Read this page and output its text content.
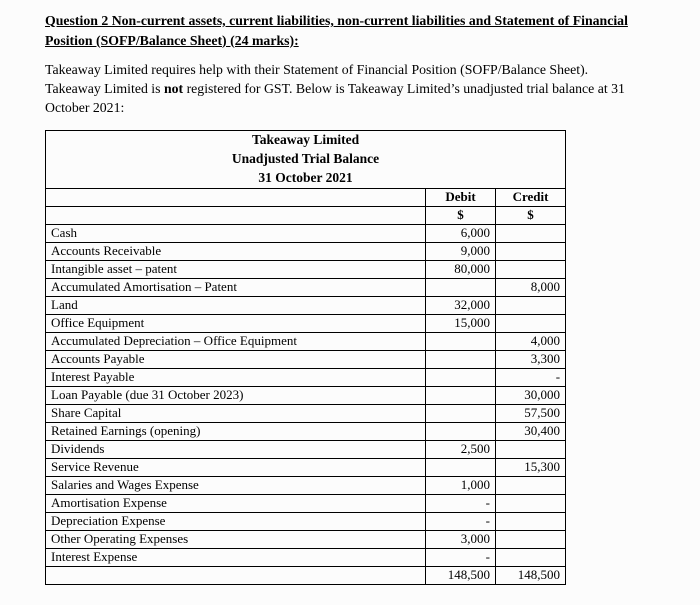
Question 2 Non-current assets, current liabilities, non-current liabilities and Statement of Financial Position (SOFP/Balance Sheet) (24 marks):
Takeaway Limited requires help with their Statement of Financial Position (SOFP/Balance Sheet). Takeaway Limited is not registered for GST. Below is Takeaway Limited’s unadjusted trial balance at 31 October 2021:
Takeaway Limited
Unadjusted Trial Balance
31 October 2021		

	Debit	Credit
	$	$
Cash	6,000	
Accounts Receivable	9,000	
Intangible asset – patent	80,000	
Accumulated Amortisation – Patent		8,000
Land	32,000	
Office Equipment	15,000	
Accumulated Depreciation – Office Equipment		4,000
Accounts Payable		3,300
Interest Payable		-
Loan Payable (due 31 October 2023)		30,000
Share Capital		57,500
Retained Earnings (opening)		30,400
Dividends	2,500	
Service Revenue		15,300
Salaries and Wages Expense	1,000	
Amortisation Expense	-	
Depreciation Expense	-	
Other Operating Expenses	3,000	
Interest Expense	-	
	148,500	148,500
